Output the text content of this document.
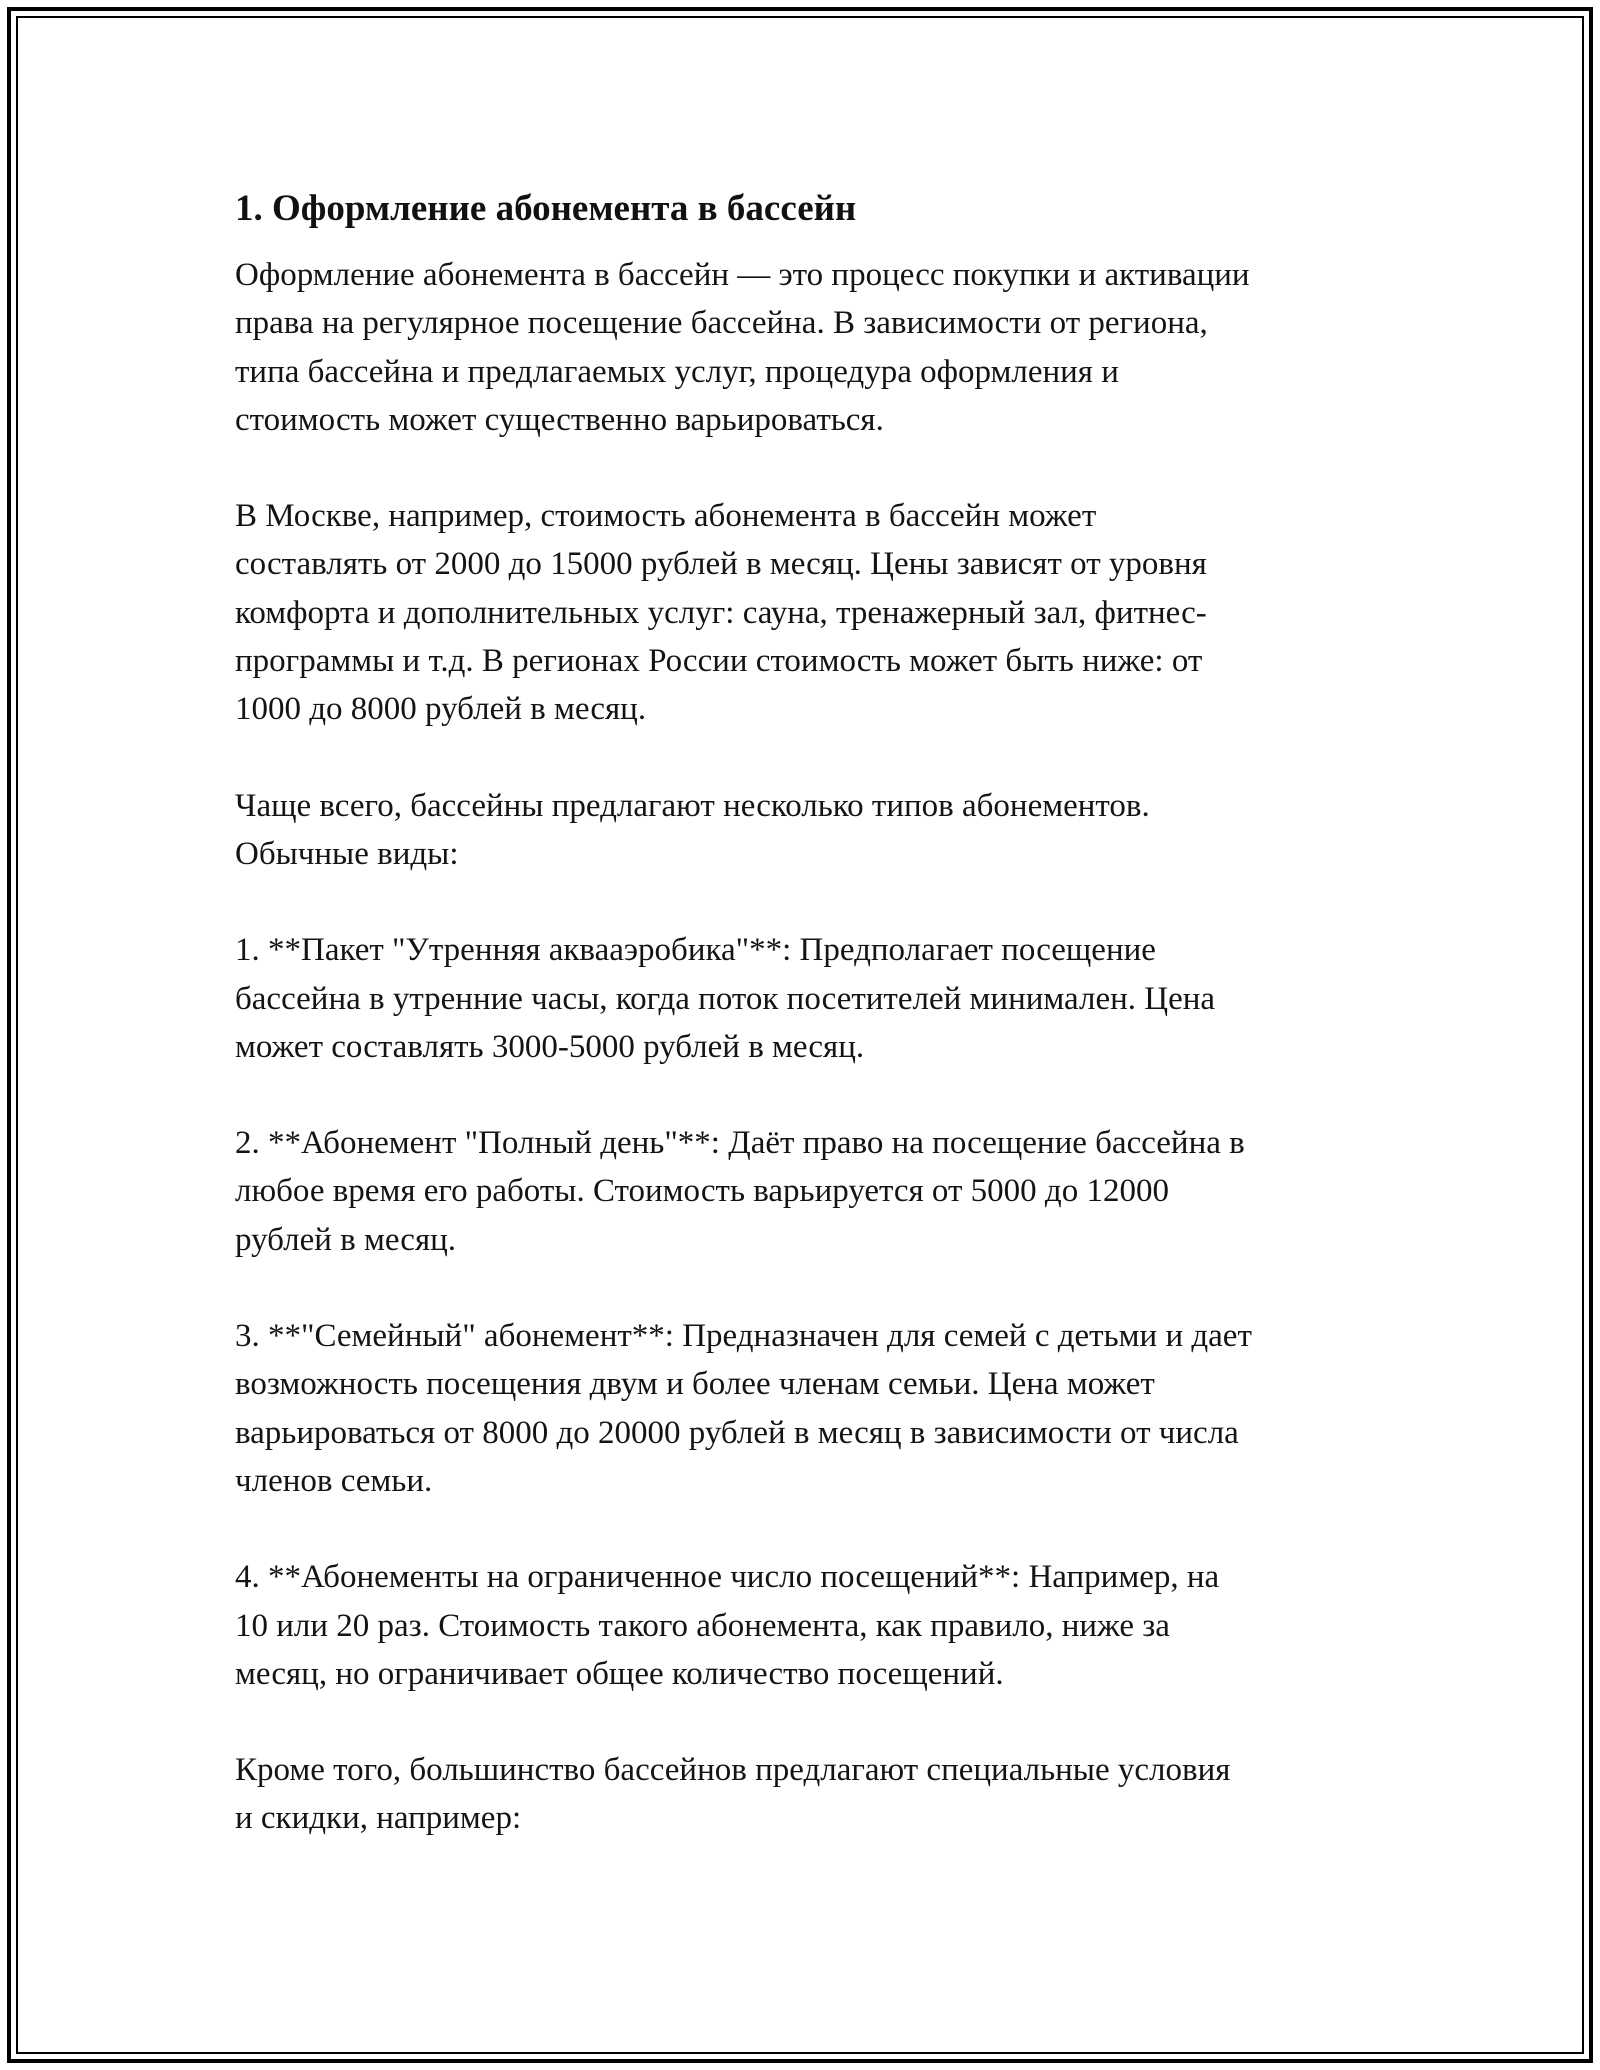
1. Оформление абонемента в бассейн

Оформление абонемента в бассейн — это процесс покупки и активации
права на регулярное посещение бассейна. В зависимости от региона,
типа бассейна и предлагаемых услуг, процедура оформления и
стоимость может существенно варьироваться.

В Москве, например, стоимость абонемента в бассейн может
составлять от 2000 до 15000 рублей в месяц. Цены зависят от уровня
комфорта и дополнительных услуг: сауна, тренажерный зал, фитнес-
программы и т.д. В регионах России стоимость может быть ниже: от
1000 до 8000 рублей в месяц.

Чаще всего, бассейны предлагают несколько типов абонементов.
Обычные виды:

1. **Пакет "Утренняя аквааэробика"**: Предполагает посещение
бассейна в утренние часы, когда поток посетителей минимален. Цена
может составлять 3000-5000 рублей в месяц.

2. **Абонемент "Полный день"**: Даёт право на посещение бассейна в
любое время его работы. Стоимость варьируется от 5000 до 12000
рублей в месяц.

3. **"Семейный" абонемент**: Предназначен для семей с детьми и дает
возможность посещения двум и более членам семьи. Цена может
варьироваться от 8000 до 20000 рублей в месяц в зависимости от числа
членов семьи.

4. **Абонементы на ограниченное число посещений**: Например, на
10 или 20 раз. Стоимость такого абонемента, как правило, ниже за
месяц, но ограничивает общее количество посещений.

Кроме того, большинство бассейнов предлагают специальные условия
и скидки, например:
